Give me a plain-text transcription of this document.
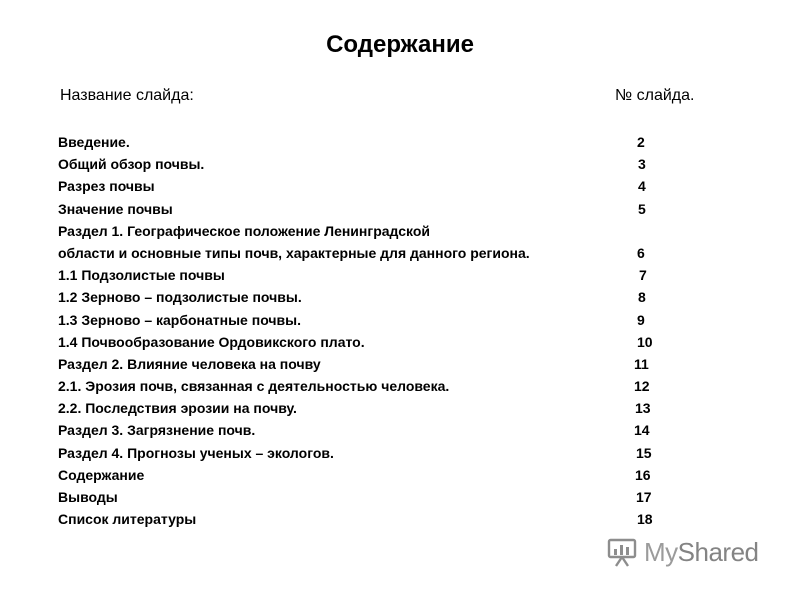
Содержание
Название слайда:	№ слайда.
Введение.	2
Общий обзор почвы.	3
Разрез почвы	4
Значение почвы	5
Раздел 1. Географическое положение Ленинградской
области и основные типы почв, характерные для данного региона.	6
1.1 Подзолистые почвы	7
1.2 Зерново – подзолистые почвы.	8
1.3 Зерново – карбонатные почвы.	9
1.4 Почвообразование Ордовикского плато.	10
Раздел 2. Влияние человека на почву	11
2.1. Эрозия почв, связанная с деятельностью человека.	12
2.2. Последствия эрозии на почву.	13
Раздел 3. Загрязнение почв.	14
Раздел 4. Прогнозы ученых – экологов.	15
Содержание	16
Выводы	17
Список литературы	18
MyShared
